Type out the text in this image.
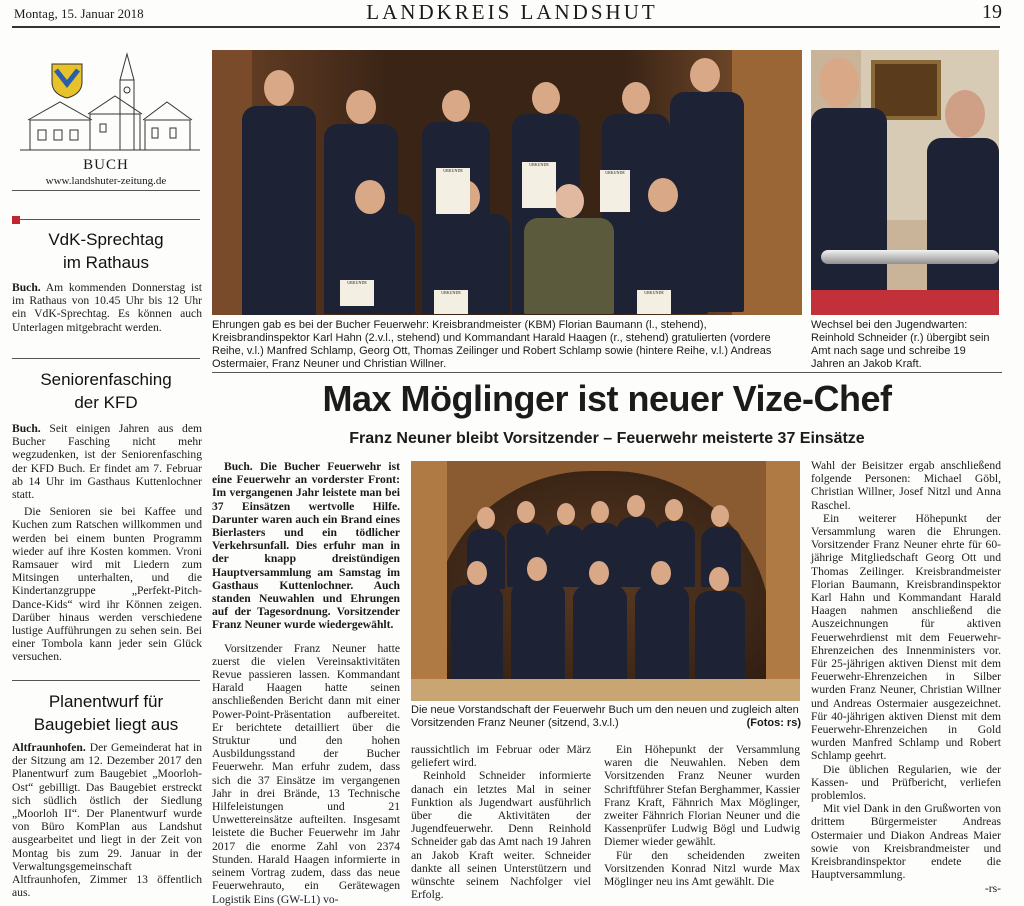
Montag, 15. Januar 2018	LANDKREIS LANDSHUT	19
BUCH
www.landshuter-zeitung.de
VdK-Sprechtag
im Rathaus

Buch. Am kommenden Donnerstag ist im Rathaus von 10.45 Uhr bis 12 Uhr ein VdK-Sprechtag. Es können auch Unterlagen mitgebracht werden.

Seniorenfasching
der KFD

Buch. Seit einigen Jahren aus dem Bucher Fasching nicht mehr wegzudenken, ist der Seniorenfasching der KFD Buch. Er findet am 7. Februar ab 14 Uhr im Gasthaus Kuttenlochner statt.

Die Senioren sie bei Kaffee und Kuchen zum Ratschen willkommen und werden bei einem bunten Programm wieder auf ihre Kosten kommen. Vroni Ramsauer wird mit Liedern zum Mitsingen unterhalten, und die Kindertanzgruppe „Perfekt-Pitch-Dance-Kids“ wird ihr Können zeigen. Darüber hinaus werden verschiedene lustige Aufführungen zu sehen sein. Bei einer Tombola kann jeder sein Glück versuchen.

Planentwurf für
Baugebiet liegt aus

Altfraunhofen. Der Gemeinderat hat in der Sitzung am 12. Dezember 2017 den Planentwurf zum Baugebiet „Moorloh-Ost“ gebilligt. Das Baugebiet erstreckt sich südlich östlich der Siedlung „Moorloh II“. Der Planentwurf wurde von Büro KomPlan aus Landshut ausgearbeitet und liegt in der Zeit von Montag bis zum 29. Januar in der Verwaltungsgemeinschaft Altfraunhofen, Zimmer 13 öffentlich aus.

URKUNDE
URKUNDE	URKUNDE
URKUNDE
URKUNDE
URKUNDE
Ehrungen gab es bei der Bucher Feuerwehr: Kreisbrandmeister (KBM) Florian Baumann (l., stehend), Kreisbrandinspektor Karl Hahn (2.v.l., stehend) und Kommandant Harald Haagen (r., stehend) gratulierten (vordere Reihe, v.l.) Manfred Schlamp, Georg Ott, Thomas Zeilinger und Robert Schlamp sowie (hintere Reihe, v.l.) Andreas Ostermaier, Franz Neuner und Christian Willner.
Wechsel bei den Jugendwarten: Reinhold Schneider (r.) übergibt sein Amt nach sage und schreibe 19 Jahren an Jakob Kraft.
Max Möglinger ist neuer Vize-Chef
Franz Neuner bleibt Vorsitzender – Feuerwehr meisterte 37 Einsätze

Buch. Die Bucher Feuerwehr ist eine Feuerwehr an vorderster Front: Im vergangenen Jahr leistete man bei 37 Einsätzen wertvolle Hilfe. Darunter waren auch ein Brand eines Bierlasters und ein tödlicher Verkehrsunfall. Dies erfuhr man in der knapp dreistündigen Hauptversammlung am Samstag im Gasthaus Kuttenlochner. Auch standen Neuwahlen und Ehrungen auf der Tagesordnung. Vorsitzender Franz Neuner wurde wiedergewählt.

Vorsitzender Franz Neuner hatte zuerst die vielen Vereinsaktivitäten Revue passieren lassen. Kommandant Harald Haagen hatte seinen anschließenden Bericht dann mit einer Power-Point-Präsentation aufbereitet. Er berichtete detailliert über die Struktur und den hohen Ausbildungsstand der Bucher Feuerwehr. Man erfuhr zudem, dass sich die 37 Einsätze im vergangenen Jahr in drei Brände, 13 Technische Hilfeleistungen und 21 Unwettereinsätze aufteilten. Insgesamt leistete die Bucher Feuerwehr im Jahr 2017 die enorme Zahl von 2374 Stunden. Harald Haagen informierte in seinem Vortrag zudem, dass das neue Feuerwehrauto, ein Gerätewagen Logistik Eins (GW-L1) vo-

Die neue Vorstandschaft der Feuerwehr Buch um den neuen und zugleich alten Vorsitzenden Franz Neuner (sitzend, 3.v.l.)	(Fotos: rs)

raussichtlich im Februar oder März geliefert wird.

Reinhold Schneider informierte danach ein letztes Mal in seiner Funktion als Jugendwart ausführlich über die Aktivitäten der Jugendfeuerwehr. Denn Reinhold Schneider gab das Amt nach 19 Jahren an Jakob Kraft weiter. Schneider dankte all seinen Unterstützern und wünschte seinem Nachfolger viel Erfolg.

Ein Höhepunkt der Versammlung waren die Neuwahlen. Neben dem Vorsitzenden Franz Neuner wurden Schriftführer Stefan Berghammer, Kassier Franz Kraft, Fähnrich Max Möglinger, zweiter Fähnrich Florian Neuner und die Kassenprüfer Ludwig Bögl und Ludwig Diemer wieder gewählt.

Für den scheidenden zweiten Vorsitzenden Konrad Nitzl wurde Max Möglinger neu ins Amt gewählt. Die

Wahl der Beisitzer ergab anschließend folgende Personen: Michael Göbl, Christian Willner, Josef Nitzl und Anna Raschel.

Ein weiterer Höhepunkt der Versammlung waren die Ehrungen. Vorsitzender Franz Neuner ehrte für 60-jährige Mitgliedschaft Georg Ott und Thomas Zeilinger. Kreisbrandmeister Florian Baumann, Kreisbrandinspektor Karl Hahn und Kommandant Harald Haagen nahmen anschließend die Auszeichnungen für aktiven Feuerwehrdienst mit dem Feuerwehr-Ehrenzeichen des Innenministers vor. Für 25-jährigen aktiven Dienst mit dem Feuerwehr-Ehrenzeichen in Silber wurden Franz Neuner, Christian Willner und Andreas Ostermaier ausgezeichnet. Für 40-jährigen aktiven Dienst mit dem Feuerwehr-Ehrenzeichen in Gold wurden Manfred Schlamp und Robert Schlamp geehrt.

Die üblichen Regularien, wie der Kassen- und Prüfbericht, verliefen problemlos.

Mit viel Dank in den Grußworten von drittem Bürgermeister Andreas Ostermaier und Diakon Andreas Maier sowie von Kreisbrandmeister und Kreisbrandinspektor endete die Hauptversammlung.

-rs-
